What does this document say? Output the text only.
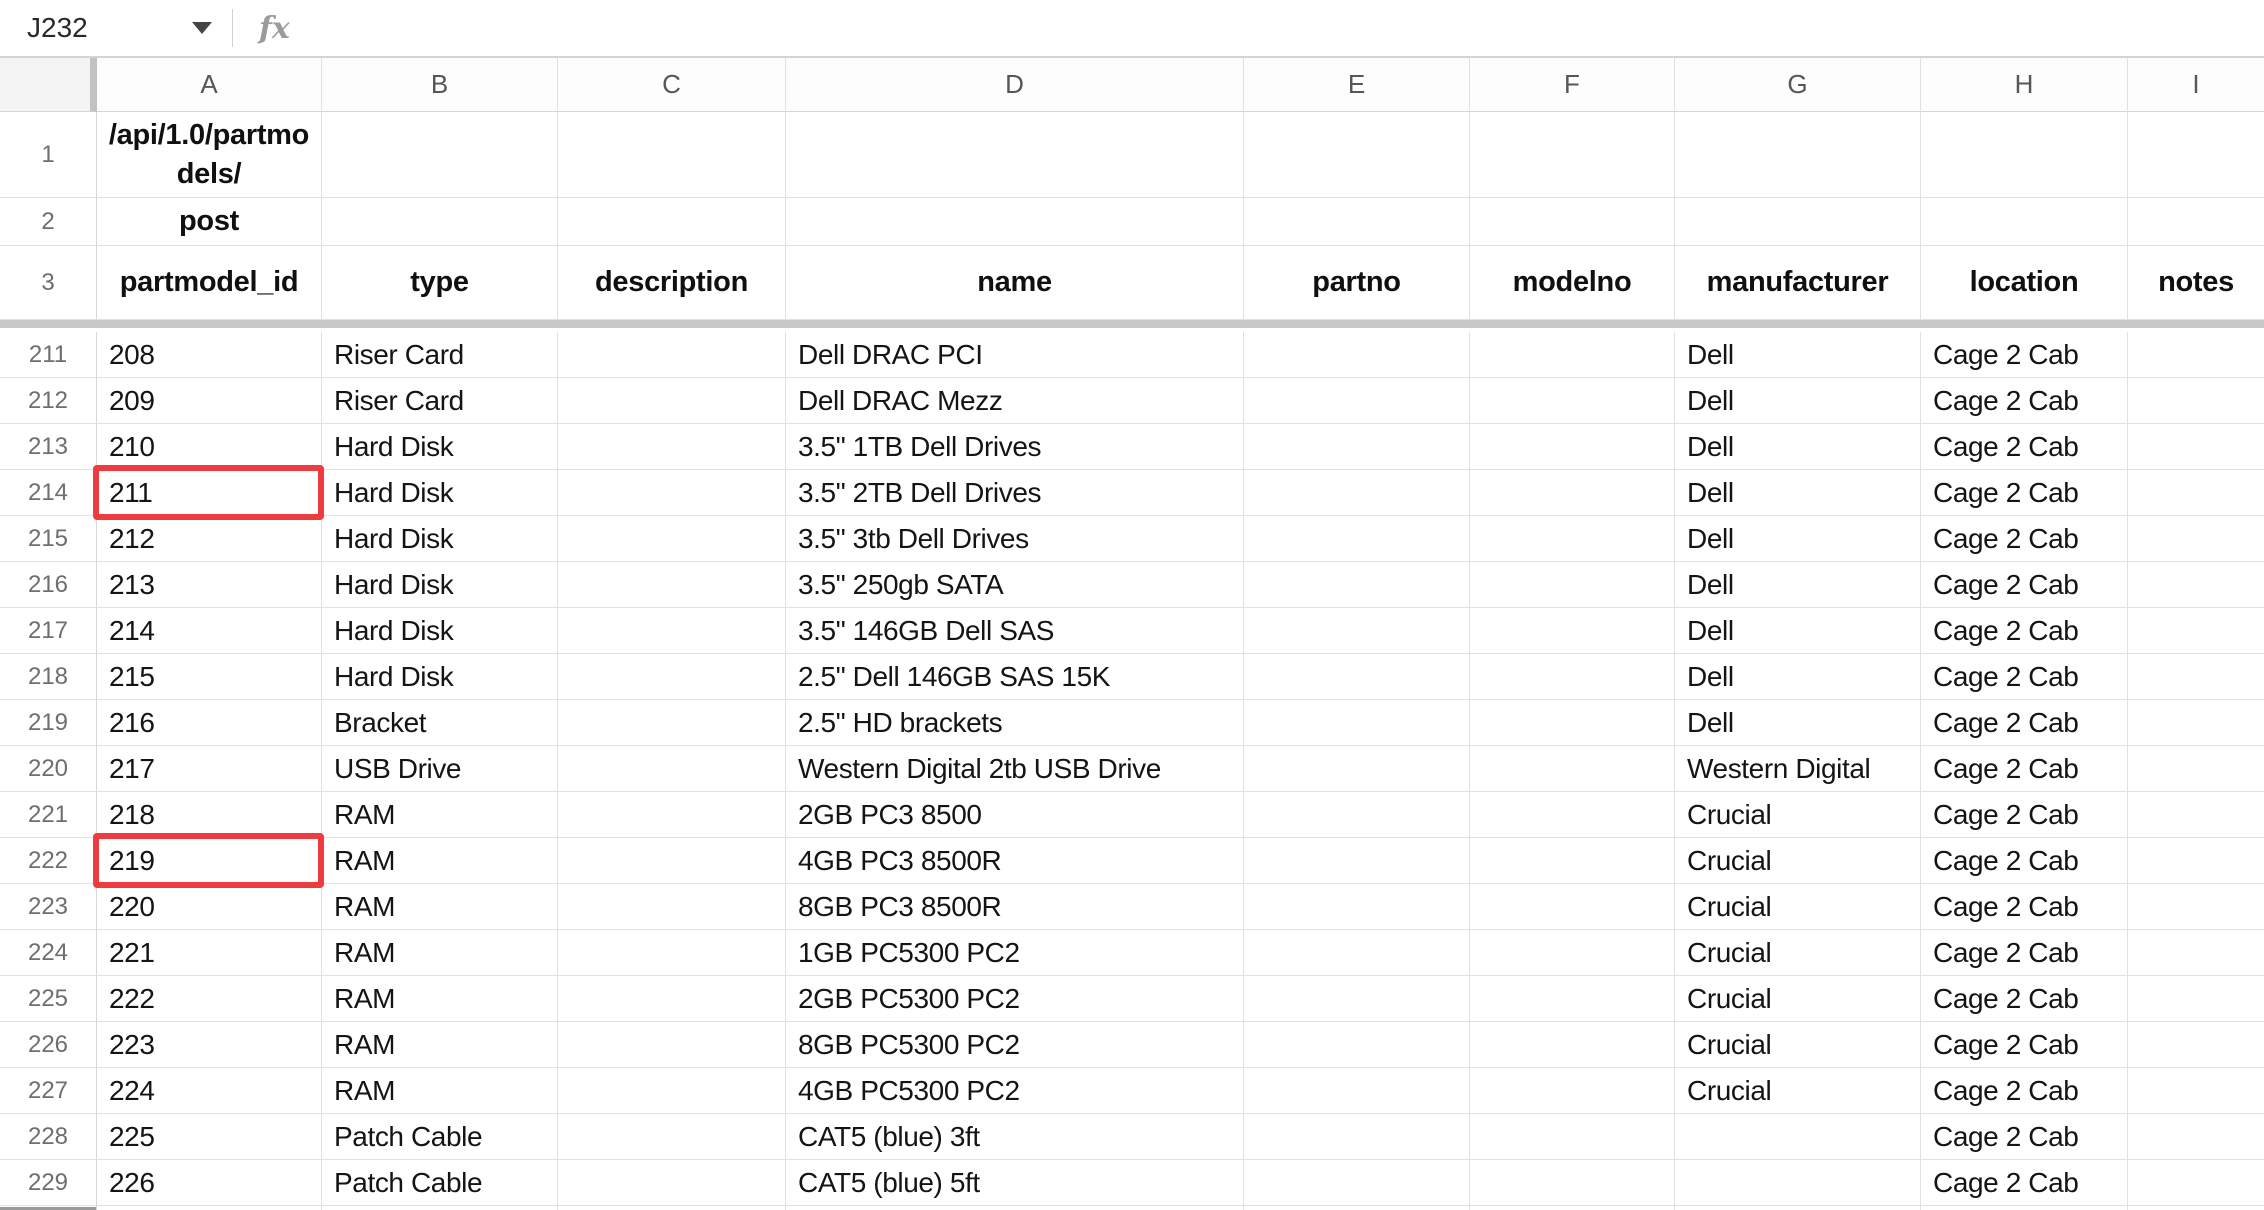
J232	fx
	A	B	C	D	E	F	G	H	I
1	/api/1.0/partmodels/								
2	post								
3	partmodel_id	type	description	name	partno	modelno	manufacturer	location	notes

211	208	Riser Card		Dell DRAC PCI			Dell	Cage 2 Cab	
212	209	Riser Card		Dell DRAC Mezz			Dell	Cage 2 Cab	
213	210	Hard Disk		3.5" 1TB Dell Drives			Dell	Cage 2 Cab	
214	211	Hard Disk		3.5" 2TB Dell Drives			Dell	Cage 2 Cab	
215	212	Hard Disk		3.5" 3tb Dell Drives			Dell	Cage 2 Cab	
216	213	Hard Disk		3.5" 250gb SATA			Dell	Cage 2 Cab	
217	214	Hard Disk		3.5" 146GB Dell SAS			Dell	Cage 2 Cab	
218	215	Hard Disk		2.5" Dell 146GB SAS 15K			Dell	Cage 2 Cab	
219	216	Bracket		2.5" HD brackets			Dell	Cage 2 Cab	
220	217	USB Drive		Western Digital 2tb USB Drive			Western Digital	Cage 2 Cab	
221	218	RAM		2GB PC3 8500			Crucial	Cage 2 Cab	
222	219	RAM		4GB PC3 8500R			Crucial	Cage 2 Cab	
223	220	RAM		8GB PC3 8500R			Crucial	Cage 2 Cab	
224	221	RAM		1GB PC5300 PC2			Crucial	Cage 2 Cab	
225	222	RAM		2GB PC5300 PC2			Crucial	Cage 2 Cab	
226	223	RAM		8GB PC5300 PC2			Crucial	Cage 2 Cab	
227	224	RAM		4GB PC5300 PC2			Crucial	Cage 2 Cab	
228	225	Patch Cable		CAT5 (blue) 3ft				Cage 2 Cab	
229	226	Patch Cable		CAT5 (blue) 5ft				Cage 2 Cab	
